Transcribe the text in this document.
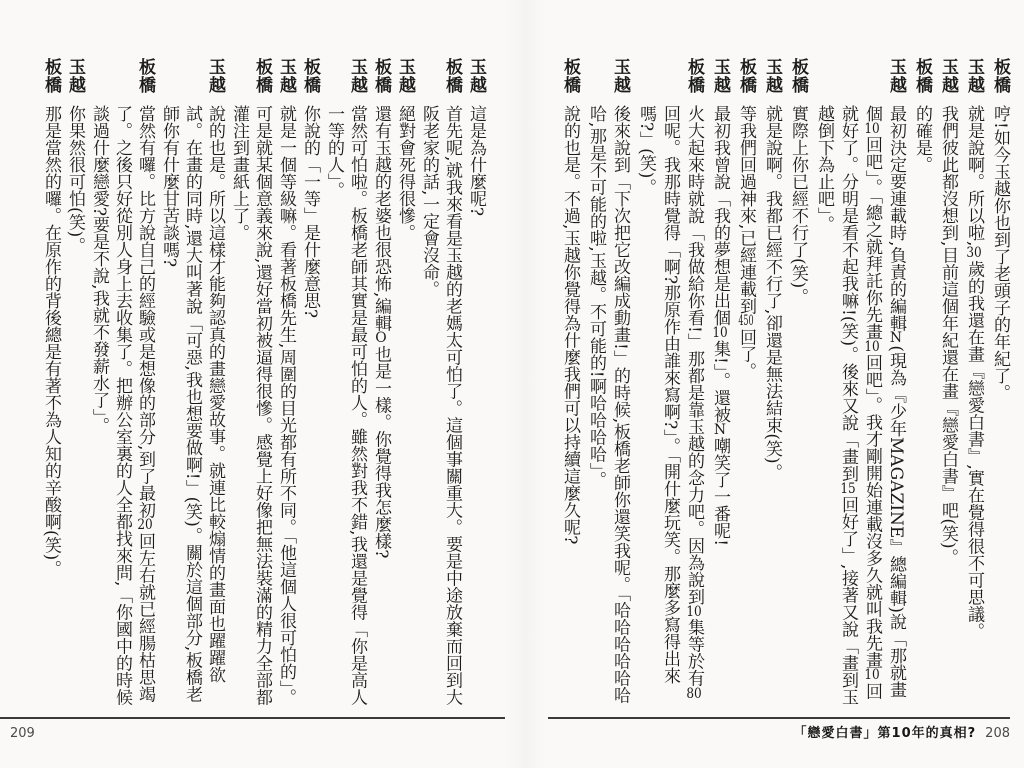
玉越
這是為什麼呢?
板橋
首先呢,就我來看是玉越的老媽太可怕了。這個事關重大。要是中途放棄而回到大阪老家的話,一定會沒命。
玉越
絕對會死得很慘。
板橋
還有玉越的老婆也很恐怖,編輯O也是一樣。你覺得我怎麼樣?
玉越
當然可怕啦。板橋老師其實是最可怕的人。雖然對我不錯,我還是覺得「你是高人一等的人」。
板橋
你說的「一等」是什麼意思?
玉越
就是一個等級嘛。看著板橋先生,周圍的目光都有所不同。「他這個人很可怕的」。
板橋
可是就某個意義來說,還好當初被逼得很慘。感覺上好像把無法裝滿的精力全部都灌注到畫紙上了。
玉越
說的也是。所以這樣才能夠認真的畫戀愛故事。就連比較煽情的畫面也躍躍欲試。在畫的同時,還大叫著說「可惡,我也想要做啊!」(笑)。關於這個部分,板橋老師你有什麼甘苦談嗎?
板橋
當然有囉。比方說自己的經驗或是想像的部分,到了最初20回左右就已經腸枯思竭了。之後只好從別人身上去收集了。把辦公室裏的人全都找來問,「你國中的時候談過什麼戀愛?要是不說,我就不發薪水了」。
玉越
你果然很可怕(笑)。
板橋
那是當然的囉。在原作的背後總是有著不為人知的辛酸啊(笑)。
209
板橋
哼!如今玉越你也到了老頭子的年紀了。
玉越
就是說啊。所以啦,30歲的我還在畫『戀愛白書』,實在覺得很不可思議。
玉越
我們彼此都沒想到,目前這個年紀還在畫『戀愛白書』吧(笑)。
板橋
的確是。
玉越
最初決定要連載時,負責的編輯N(現為『少年MAGAZINE』總編輯)說「那就畫個10回吧」。「總之就拜託你先畫10回吧」。我才剛開始連載沒多久就叫我先畫10回就好了。分明是看不起我嘛!(笑)。後來又說「畫到15回好了」,接著又說「畫到玉越倒下為止吧」。
板橋
實際上你已經不行了(笑)。
玉越
就是說啊。我都已經不行了,卻還是無法結束(笑)。
板橋
等我們回過神來,已經連載到450回了。
玉越
最初我曾說「我的夢想是出個10集!」。還被N嘲笑了一番呢!
板橋
火大起來時就說「我做給你看!」那都是靠玉越的念力吧。因為說到10集等於有80回呢。我那時覺得「啊?那原作由誰來寫啊?」。「開什麼玩笑。那麼多寫得出來嗎?」(笑)。
玉越
後來說到「下次把它改編成動畫!」的時候,板橋老師你還笑我呢。「哈哈哈哈哈哈哈,那是不可能的啦,玉越。不可能的!啊哈哈哈哈」。
板橋
說的也是。不過,玉越你覺得為什麼我們可以持續這麼久呢?
「戀愛白書」第10年的真相? 208
